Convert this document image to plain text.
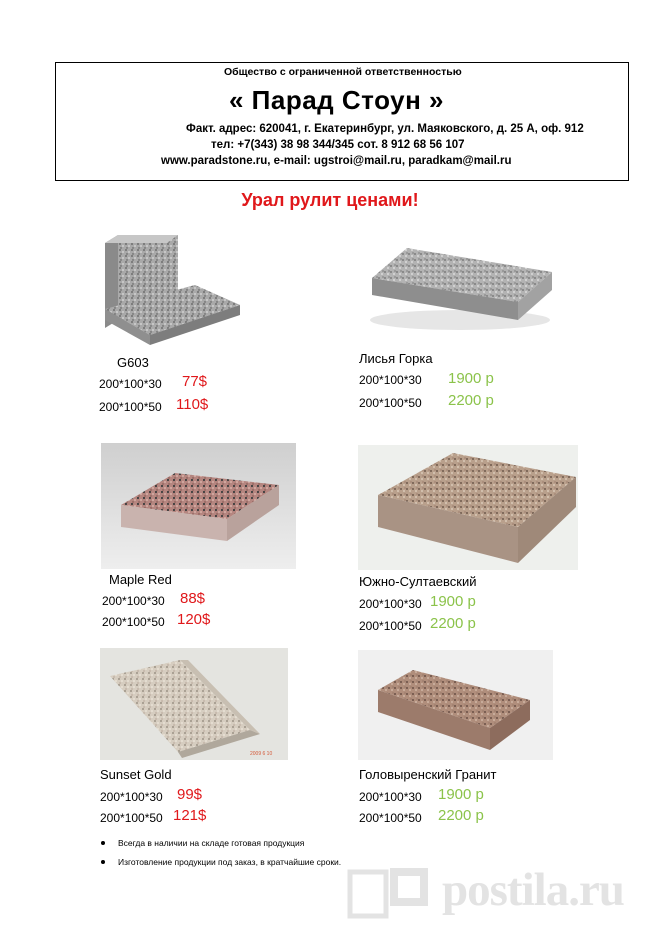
Общество с ограниченной ответственностью
« Парад Стоун »
Факт. адрес: 620041, г. Екатеринбург, ул. Маяковского, д. 25 А, оф. 912
тел: +7(343) 38 98 344/345 сот. 8 912 68 56 107
www.paradstone.ru, e-mail: ugstroi@mail.ru, paradkam@mail.ru
Урал рулит ценами!
G603
200*100*30 77$
200*100*50 110$
Лисья Горка
200*100*30 1900 р
200*100*50 2200 р
Maple Red
200*100*30 88$
200*100*50 120$
Южно-Султаевский
200*100*30 1900 р
200*100*50 2200 р
2009 6 10
Sunset Gold
200*100*30 99$
200*100*50 121$
Головыренский Гранит
200*100*30 1900 р
200*100*50 2200 р
Всегда в наличии на складе готовая продукция
Изготовление продукции под заказ, в кратчайшие сроки.
postila.ru
